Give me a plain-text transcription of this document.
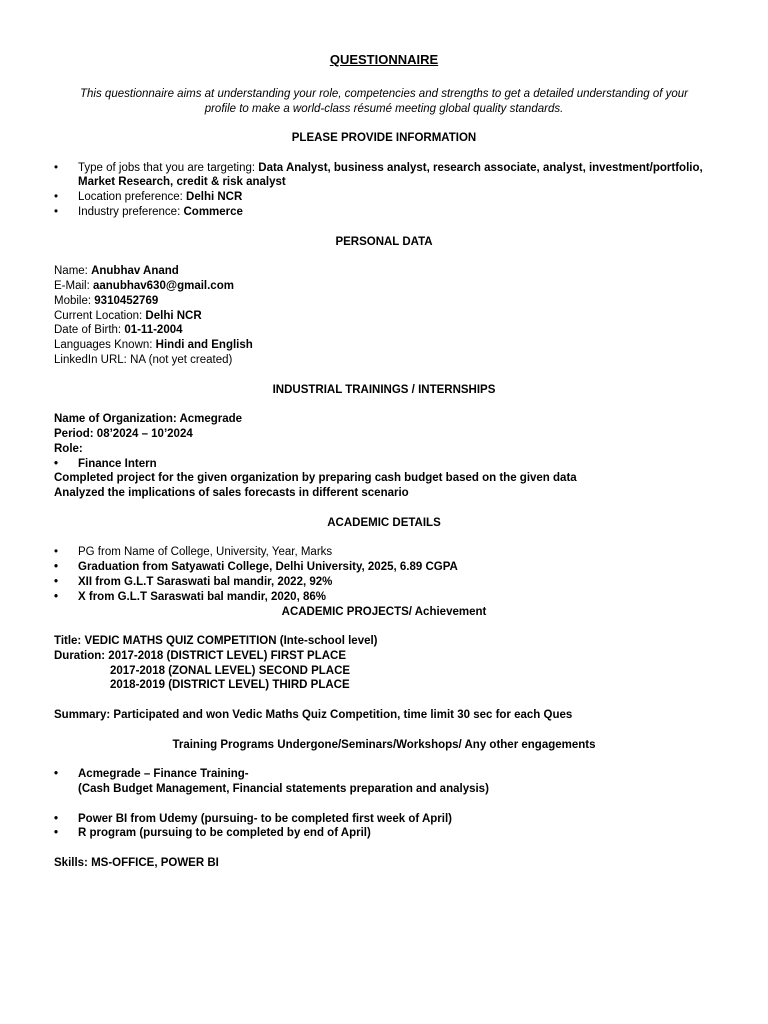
QUESTIONNAIRE
This questionnaire aims at understanding your role, competencies and strengths to get a detailed understanding of your profile to make a world-class résumé meeting global quality standards.
PLEASE PROVIDE INFORMATION
• Type of jobs that you are targeting: Data Analyst, business analyst, research associate, analyst, investment/portfolio, Market Research, credit & risk analyst
• Location preference: Delhi NCR
• Industry preference: Commerce
PERSONAL DATA
Name: Anubhav Anand
E-Mail: aanubhav630@gmail.com
Mobile: 9310452769
Current Location: Delhi NCR
Date of Birth: 01-11-2004
Languages Known: Hindi and English
LinkedIn URL: NA (not yet created)
INDUSTRIAL TRAININGS / INTERNSHIPS
Name of Organization: Acmegrade
Period: 08’2024 – 10’2024
Role:
• Finance Intern
Completed project for the given organization by preparing cash budget based on the given data
Analyzed the implications of sales forecasts in different scenario
ACADEMIC DETAILS
• PG from Name of College, University, Year, Marks
• Graduation from Satyawati College, Delhi University, 2025, 6.89 CGPA
• XII from G.L.T Saraswati bal mandir, 2022, 92%
• X from G.L.T Saraswati bal mandir, 2020, 86%
ACADEMIC PROJECTS/ Achievement
Title: VEDIC MATHS QUIZ COMPETITION (Inte-school level)
Duration: 2017-2018 (DISTRICT LEVEL) FIRST PLACE
2017-2018 (ZONAL LEVEL) SECOND PLACE
2018-2019 (DISTRICT LEVEL) THIRD PLACE
Summary: Participated and won Vedic Maths Quiz Competition, time limit 30 sec for each Ques
Training Programs Undergone/Seminars/Workshops/ Any other engagements
• Acmegrade – Finance Training-
(Cash Budget Management, Financial statements preparation and analysis)
• Power BI from Udemy (pursuing- to be completed first week of April)
• R program (pursuing to be completed by end of April)
Skills: MS-OFFICE, POWER BI
